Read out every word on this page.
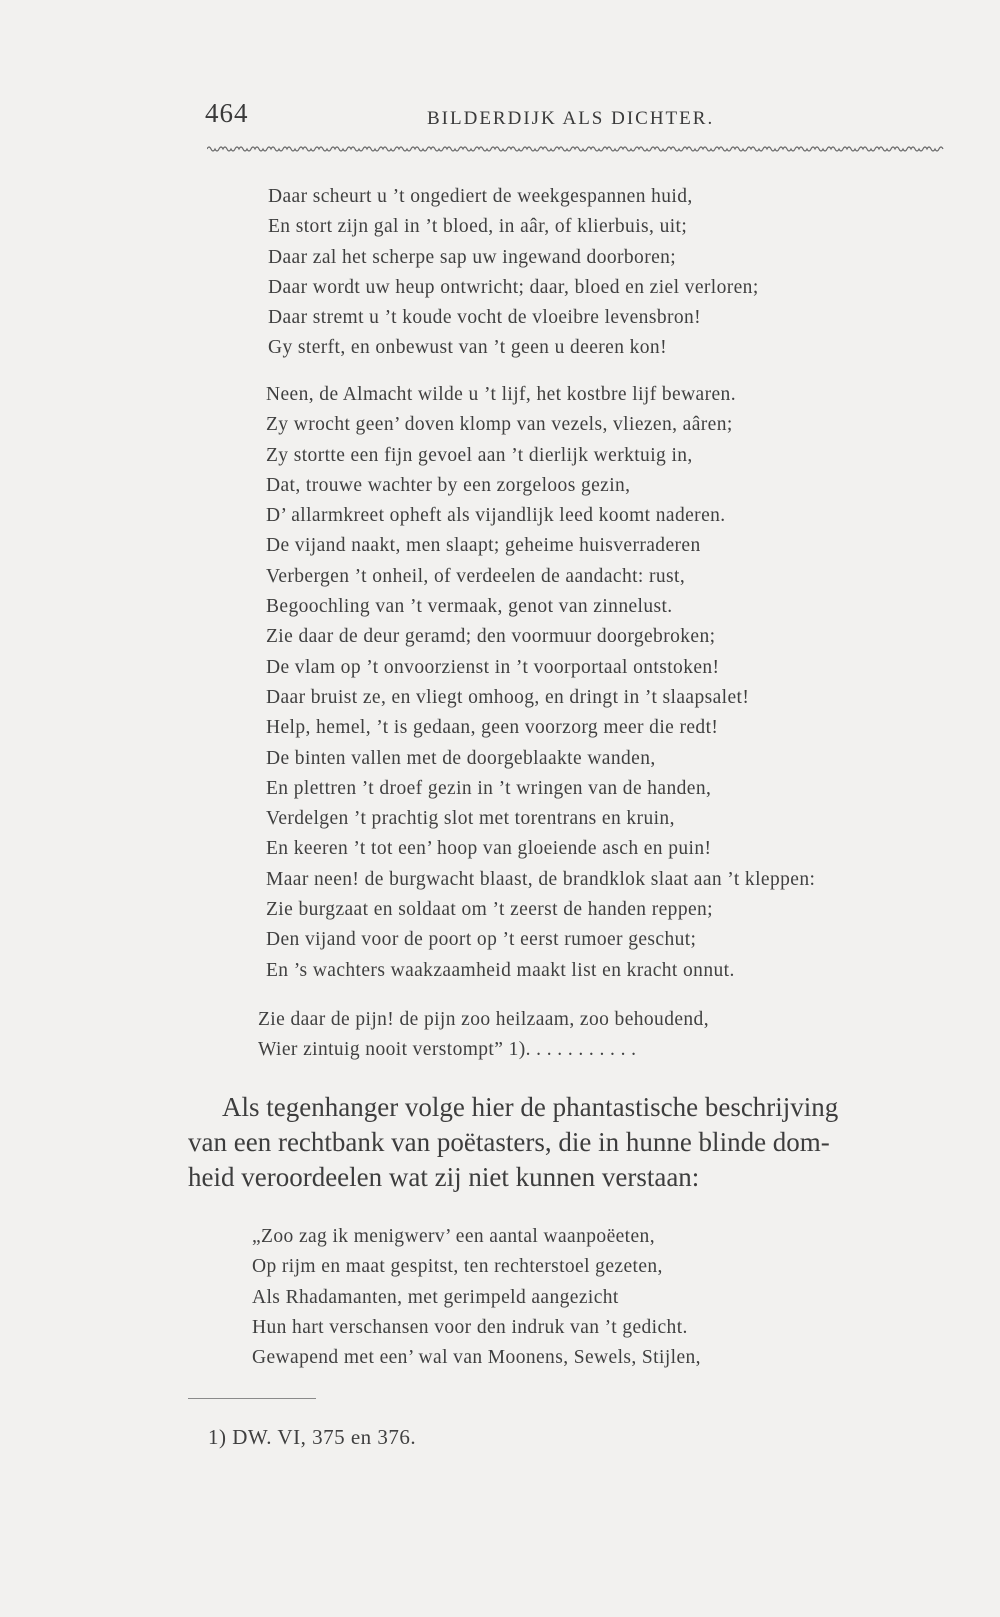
464	BILDERDIJK ALS DICHTER.
Daar scheurt u ’t ongediert de weekgespannen huid,
En stort zijn gal in ’t bloed, in aâr, of klierbuis, uit;
Daar zal het scherpe sap uw ingewand doorboren;
Daar wordt uw heup ontwricht; daar, bloed en ziel verloren;
Daar stremt u ’t koude vocht de vloeibre levensbron!
Gy sterft, en onbewust van ’t geen u deeren kon!
Neen, de Almacht wilde u ’t lijf, het kostbre lijf bewaren.
Zy wrocht geen’ doven klomp van vezels, vliezen, aâren;
Zy stortte een fijn gevoel aan ’t dierlijk werktuig in,
Dat, trouwe wachter by een zorgeloos gezin,
D’ allarmkreet opheft als vijandlijk leed koomt naderen.
De vijand naakt, men slaapt; geheime huisverraderen
Verbergen ’t onheil, of verdeelen de aandacht: rust,
Begoochling van ’t vermaak, genot van zinnelust.
Zie daar de deur geramd; den voormuur doorgebroken;
De vlam op ’t onvoorzienst in ’t voorportaal ontstoken!
Daar bruist ze, en vliegt omhoog, en dringt in ’t slaapsalet!
Help, hemel, ’t is gedaan, geen voorzorg meer die redt!
De binten vallen met de doorgeblaakte wanden,
En plettren ’t droef gezin in ’t wringen van de handen,
Verdelgen ’t prachtig slot met torentrans en kruin,
En keeren ’t tot een’ hoop van gloeiende asch en puin!
Maar neen! de burgwacht blaast, de brandklok slaat aan ’t kleppen:
Zie burgzaat en soldaat om ’t zeerst de handen reppen;
Den vijand voor de poort op ’t eerst rumoer geschut;
En ’s wachters waakzaamheid maakt list en kracht onnut.
Zie daar de pijn! de pijn zoo heilzaam, zoo behoudend,
Wier zintuig nooit verstompt” 1). . . . . . . . . . .
Als tegenhanger volge hier de phantastische beschrijving
van een rechtbank van poëtasters, die in hunne blinde dom-
heid veroordeelen wat zij niet kunnen verstaan:
„Zoo zag ik menigwerv’ een aantal waanpoëeten,
Op rijm en maat gespitst, ten rechterstoel gezeten,
Als Rhadamanten, met gerimpeld aangezicht
Hun hart verschansen voor den indruk van ’t gedicht.
Gewapend met een’ wal van Moonens, Sewels, Stijlen,
1) DW. VI, 375 en 376.
